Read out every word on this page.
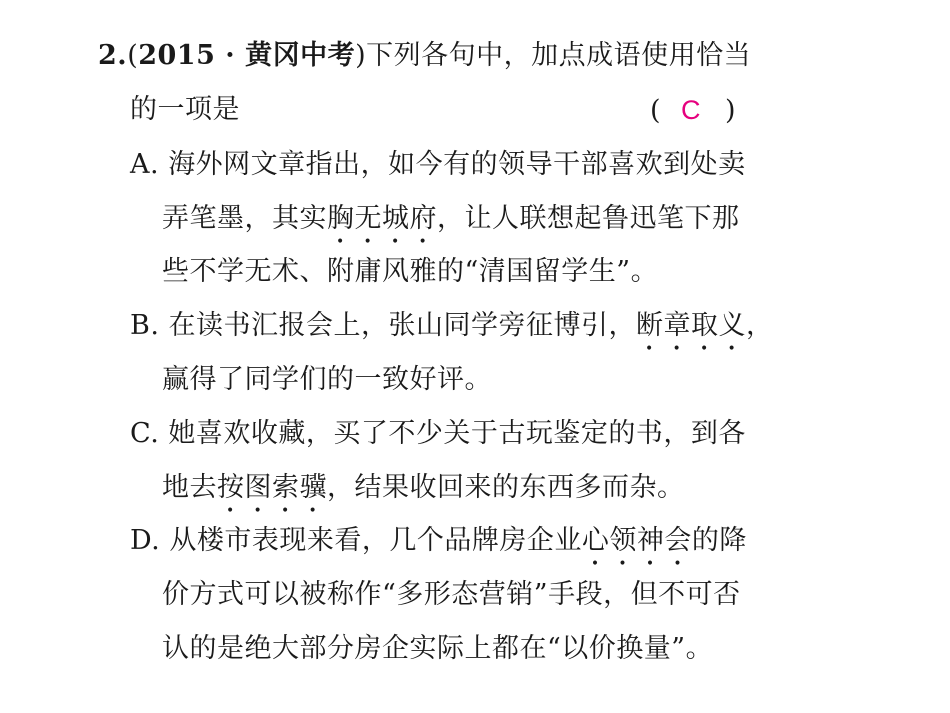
2.(2015 · 黄冈中考)下列各句中，加点成语使用恰当
的一项是	( C )
A. 海外网文章指出，如今有的领导干部喜欢到处卖
弄笔墨，其实胸无城府，让人联想起鲁迅笔下那
些不学无术、附庸风雅的“清国留学生”。
B. 在读书汇报会上，张山同学旁征博引，断章取义，
赢得了同学们的一致好评。
C. 她喜欢收藏，买了不少关于古玩鉴定的书，到各
地去按图索骥，结果收回来的东西多而杂。
D. 从楼市表现来看，几个品牌房企业心领神会的降
价方式可以被称作“多形态营销”手段，但不可否
认的是绝大部分房企实际上都在“以价换量”。
